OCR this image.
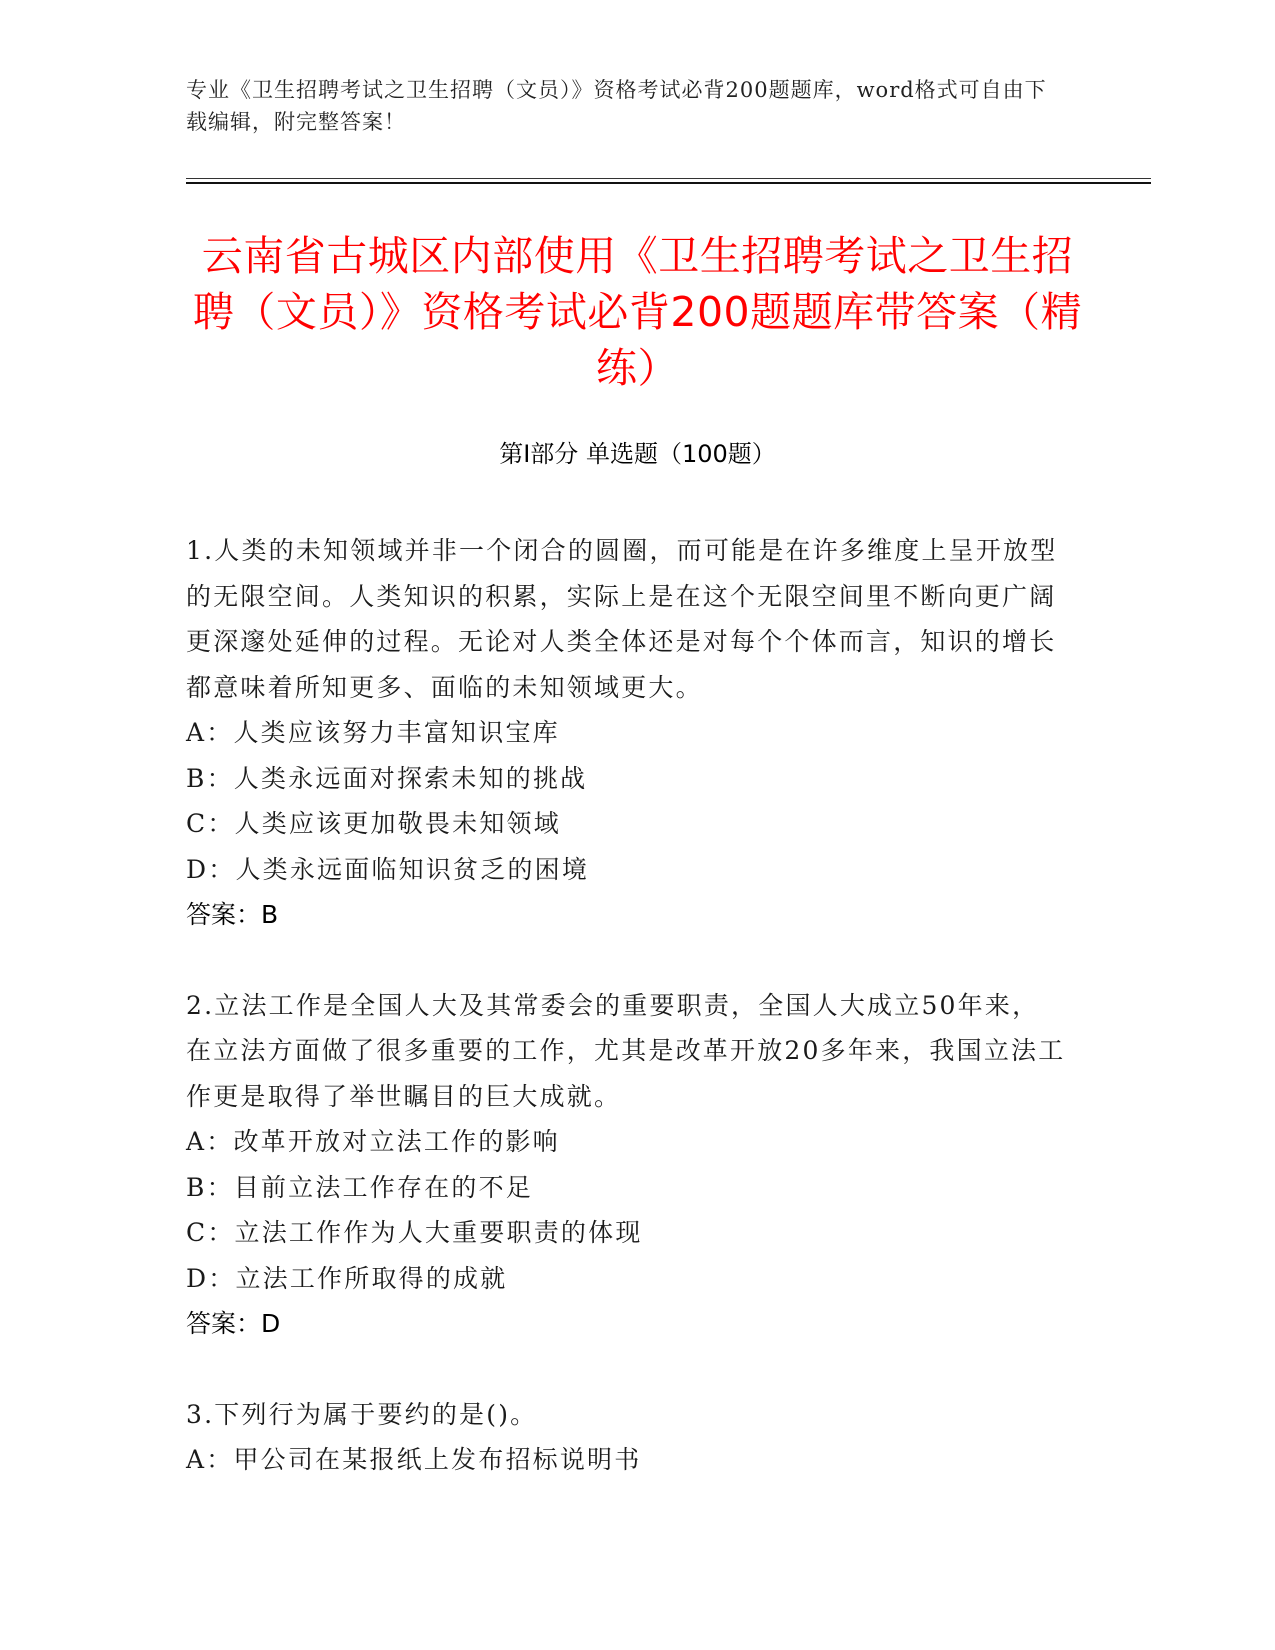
专业《卫生招聘考试之卫生招聘（文员）》资格考试必背200题题库，word格式可自由下载编辑，附完整答案！
云南省古城区内部使用《卫生招聘考试之卫生招聘（文员）》资格考试必背200题题库带答案（精练）
第Ⅰ部分 单选题（100题）

1.人类的未知领域并非一个闭合的圆圈，而可能是在许多维度上呈开放型的无限空间。人类知识的积累，实际上是在这个无限空间里不断向更广阔更深邃处延伸的过程。无论对人类全体还是对每个个体而言，知识的增长都意味着所知更多、面临的未知领域更大。

A：人类应该努力丰富知识宝库

B：人类永远面对探索未知的挑战

C：人类应该更加敬畏未知领域

D：人类永远面临知识贫乏的困境

答案：B

2.立法工作是全国人大及其常委会的重要职责，全国人大成立50年来，在立法方面做了很多重要的工作，尤其是改革开放20多年来，我国立法工作更是取得了举世瞩目的巨大成就。

A：改革开放对立法工作的影响

B：目前立法工作存在的不足

C：立法工作作为人大重要职责的体现

D：立法工作所取得的成就

答案：D

3.下列行为属于要约的是()。

A：甲公司在某报纸上发布招标说明书
